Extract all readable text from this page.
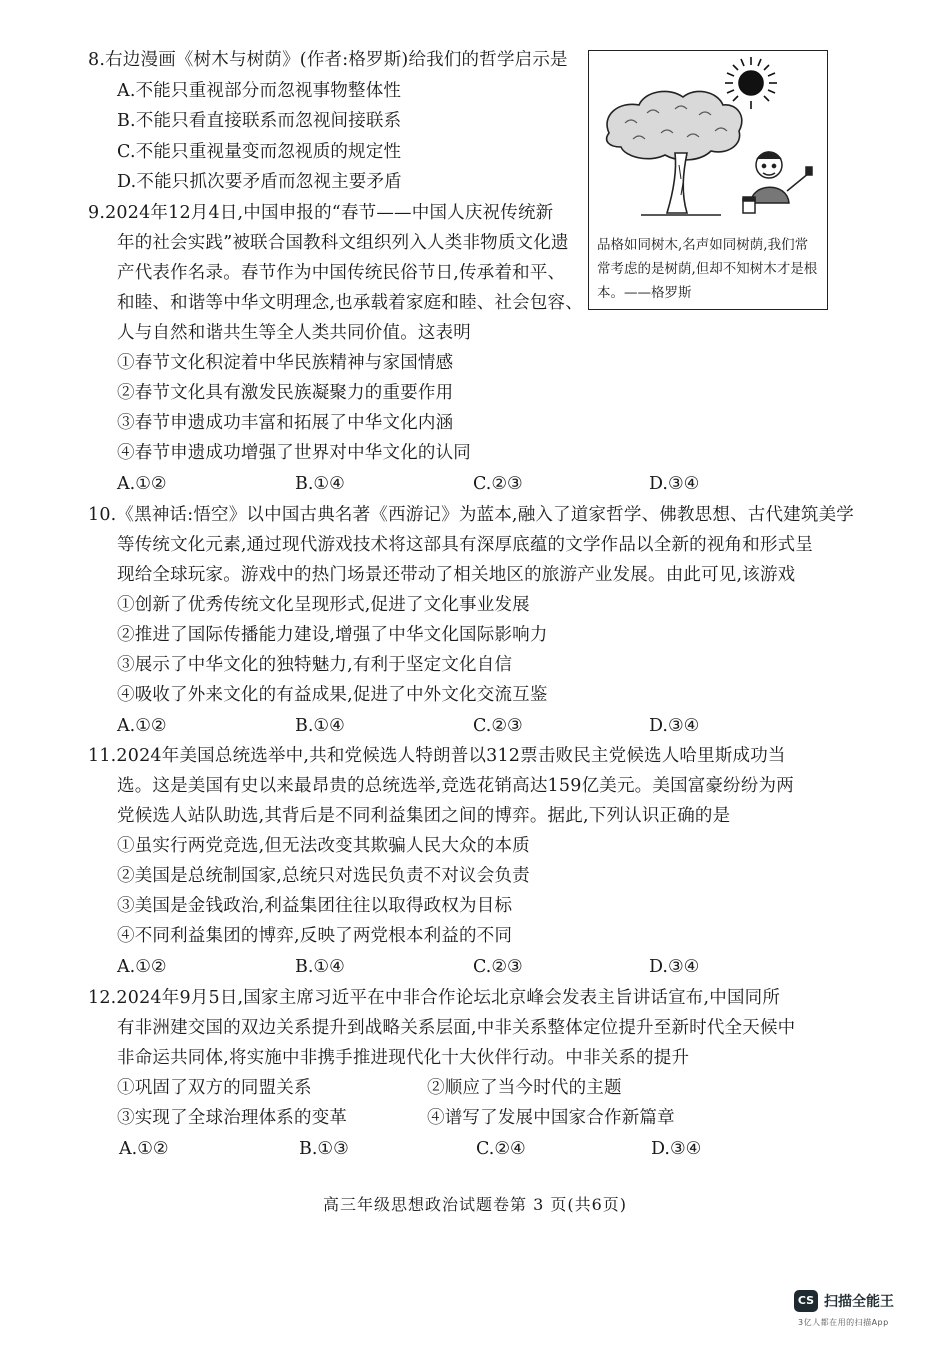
8.右边漫画《树木与树荫》(作者:格罗斯)给我们的哲学启示是
A.不能只重视部分而忽视事物整体性
B.不能只看直接联系而忽视间接联系
C.不能只重视量变而忽视质的规定性
D.不能只抓次要矛盾而忽视主要矛盾
品格如同树木,名声如同树荫,我们常常考虑的是树荫,但却不知树木才是根本。——格罗斯
9.2024年12月4日,中国申报的“春节——中国人庆祝传统新
年的社会实践”被联合国教科文组织列入人类非物质文化遗
产代表作名录。春节作为中国传统民俗节日,传承着和平、
和睦、和谐等中华文明理念,也承载着家庭和睦、社会包容、
人与自然和谐共生等全人类共同价值。这表明
①春节文化积淀着中华民族精神与家国情感
②春节文化具有激发民族凝聚力的重要作用
③春节申遗成功丰富和拓展了中华文化内涵
④春节申遗成功增强了世界对中华文化的认同
A.①②	B.①④	C.②③	D.③④
10.《黑神话:悟空》以中国古典名著《西游记》为蓝本,融入了道家哲学、佛教思想、古代建筑美学
等传统文化元素,通过现代游戏技术将这部具有深厚底蕴的文学作品以全新的视角和形式呈
现给全球玩家。游戏中的热门场景还带动了相关地区的旅游产业发展。由此可见,该游戏
①创新了优秀传统文化呈现形式,促进了文化事业发展
②推进了国际传播能力建设,增强了中华文化国际影响力
③展示了中华文化的独特魅力,有利于坚定文化自信
④吸收了外来文化的有益成果,促进了中外文化交流互鉴
A.①②	B.①④	C.②③	D.③④
11.2024年美国总统选举中,共和党候选人特朗普以312票击败民主党候选人哈里斯成功当
选。这是美国有史以来最昂贵的总统选举,竞选花销高达159亿美元。美国富豪纷纷为两
党候选人站队助选,其背后是不同利益集团之间的博弈。据此,下列认识正确的是
①虽实行两党竞选,但无法改变其欺骗人民大众的本质
②美国是总统制国家,总统只对选民负责不对议会负责
③美国是金钱政治,利益集团往往以取得政权为目标
④不同利益集团的博弈,反映了两党根本利益的不同
A.①②	B.①④	C.②③	D.③④
12.2024年9月5日,国家主席习近平在中非合作论坛北京峰会发表主旨讲话宣布,中国同所
有非洲建交国的双边关系提升到战略关系层面,中非关系整体定位提升至新时代全天候中
非命运共同体,将实施中非携手推进现代化十大伙伴行动。中非关系的提升
①巩固了双方的同盟关系	②顺应了当今时代的主题
③实现了全球治理体系的变革	④谱写了发展中国家合作新篇章
A.①②	B.①③	C.②④	D.③④
高三年级思想政治试题卷第 3 页(共6页)
CS 扫描全能王
3亿人都在用的扫描App
